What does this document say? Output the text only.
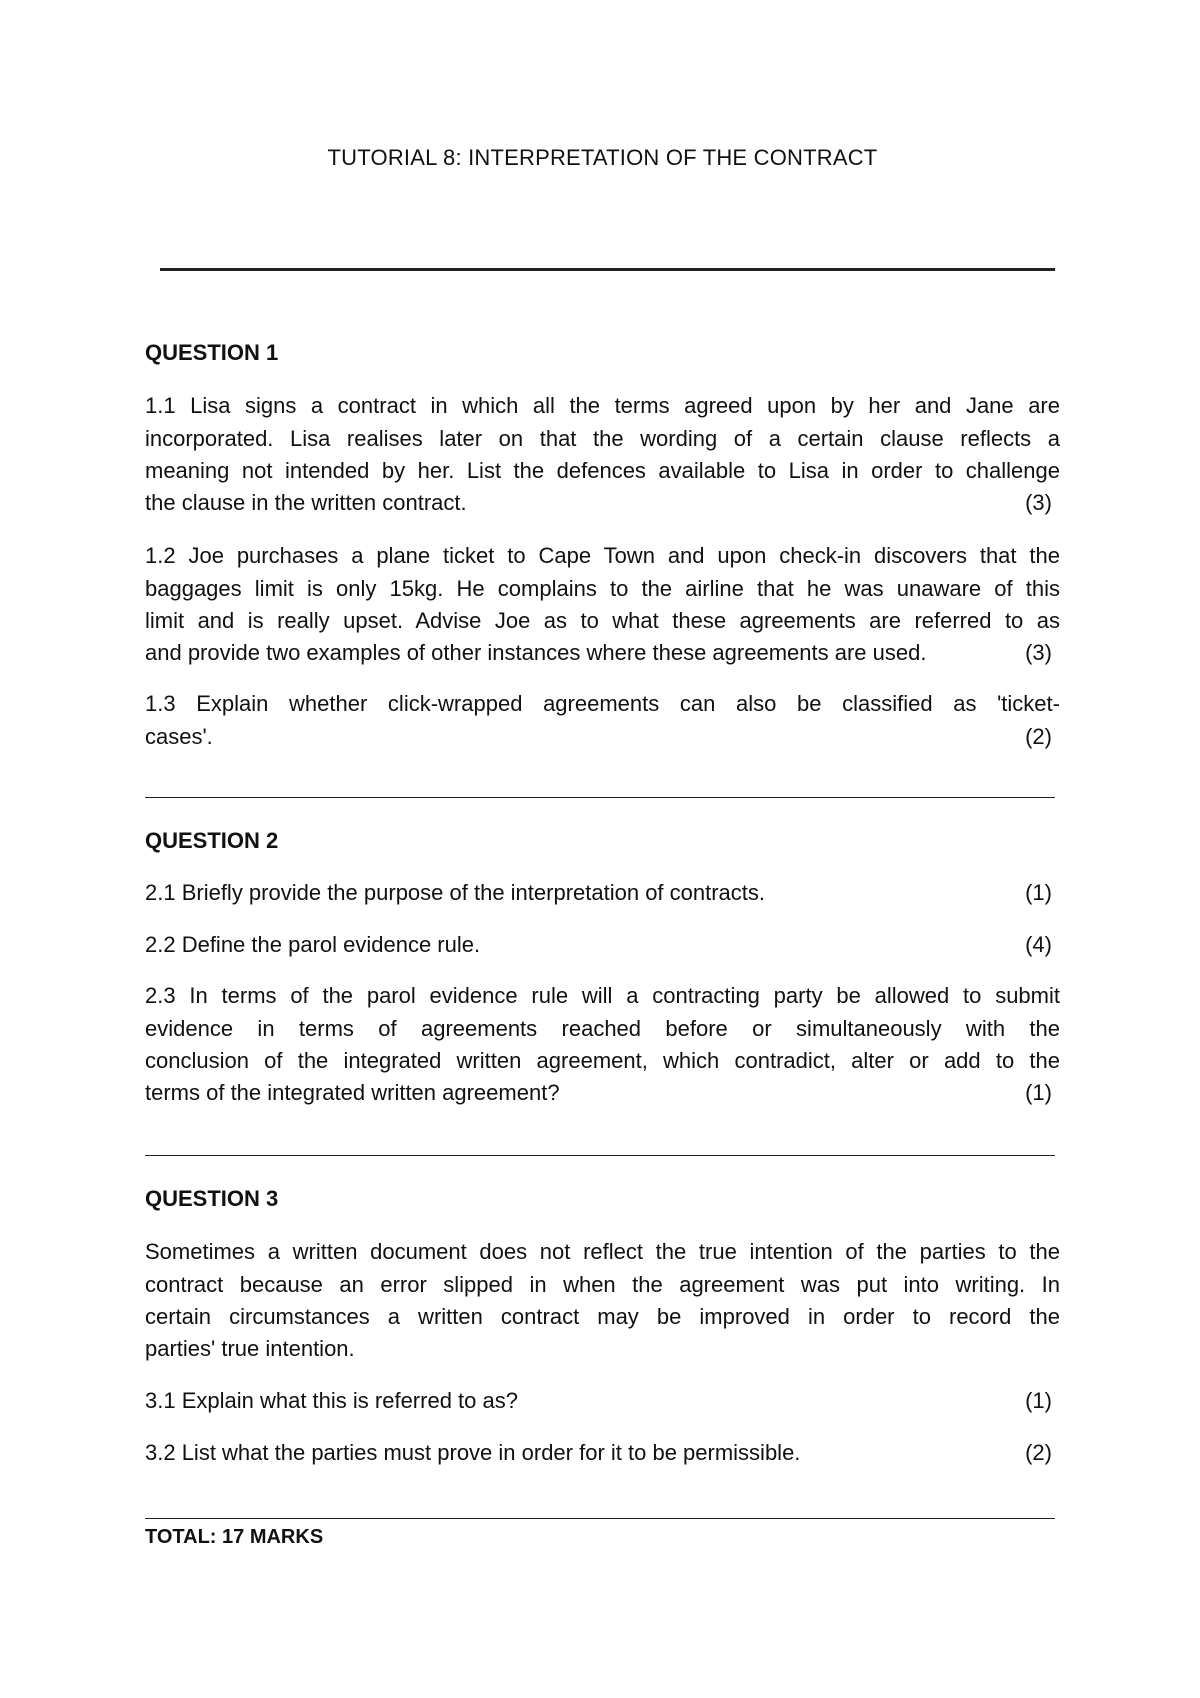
TUTORIAL 8: INTERPRETATION OF THE CONTRACT
QUESTION 1
1.1 Lisa signs a contract in which all the terms agreed upon by her and Jane are
incorporated. Lisa realises later on that the wording of a certain clause reflects a
meaning not intended by her. List the defences available to Lisa in order to challenge
the clause in the written contract.	(3)
1.2 Joe purchases a plane ticket to Cape Town and upon check-in discovers that the
baggages limit is only 15kg. He complains to the airline that he was unaware of this
limit and is really upset. Advise Joe as to what these agreements are referred to as
and provide two examples of other instances where these agreements are used.	(3)
1.3 Explain whether click-wrapped agreements can also be classified as 'ticket-
cases'.	(2)
QUESTION 2
2.1 Briefly provide the purpose of the interpretation of contracts.	(1)
2.2 Define the parol evidence rule.	(4)
2.3 In terms of the parol evidence rule will a contracting party be allowed to submit
evidence in terms of agreements reached before or simultaneously with the
conclusion of the integrated written agreement, which contradict, alter or add to the
terms of the integrated written agreement?	(1)
QUESTION 3
Sometimes a written document does not reflect the true intention of the parties to the
contract because an error slipped in when the agreement was put into writing. In
certain circumstances a written contract may be improved in order to record the
parties' true intention.
3.1 Explain what this is referred to as?	(1)
3.2 List what the parties must prove in order for it to be permissible.	(2)
TOTAL: 17 MARKS
